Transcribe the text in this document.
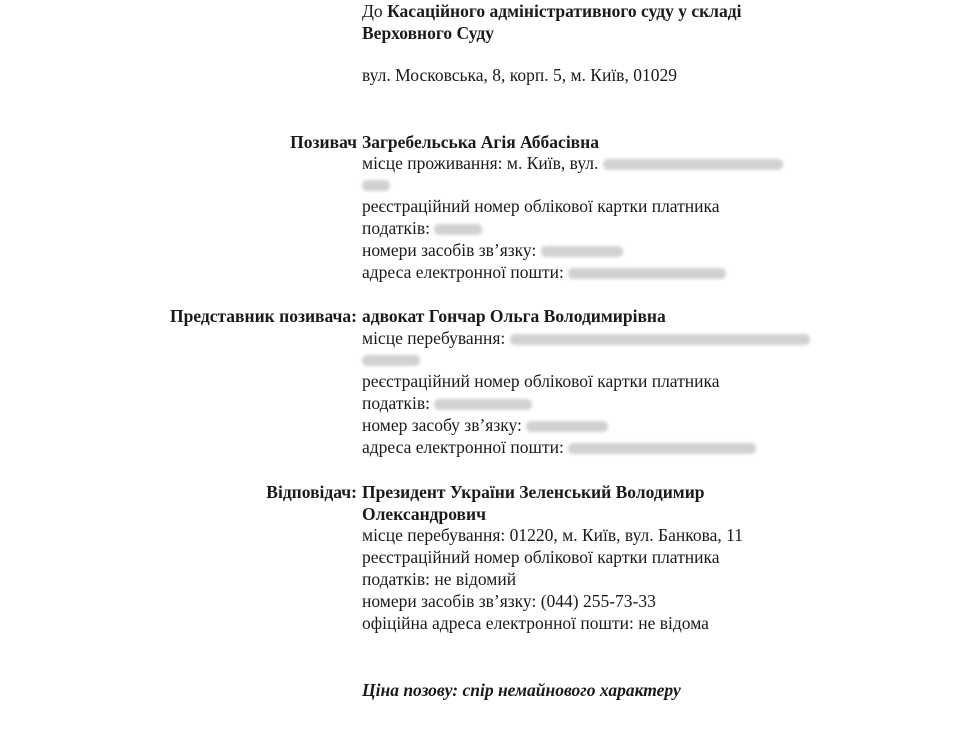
До Касаційного адміністративного суду у складі
Верховного Суду
вул. Московська, 8, корп. 5, м. Київ, 01029
Позивач Загребельська Агія Аббасівна
місце проживання: м. Київ, вул.
реєстраційний номер облікової картки платника
податків:
номери засобів зв’язку:
адреса електронної пошти:
Представник позивача: адвокат Гончар Ольга Володимирівна
місце перебування:
реєстраційний номер облікової картки платника
податків:
номер засобу зв’язку:
адреса електронної пошти:
Відповідач: Президент України Зеленський Володимир
Олександрович
місце перебування: 01220, м. Київ, вул. Банкова, 11
реєстраційний номер облікової картки платника
податків: не відомий
номери засобів зв’язку: (044) 255-73-33
офіційна адреса електронної пошти: не відома
Ціна позову: спір немайнового характеру
